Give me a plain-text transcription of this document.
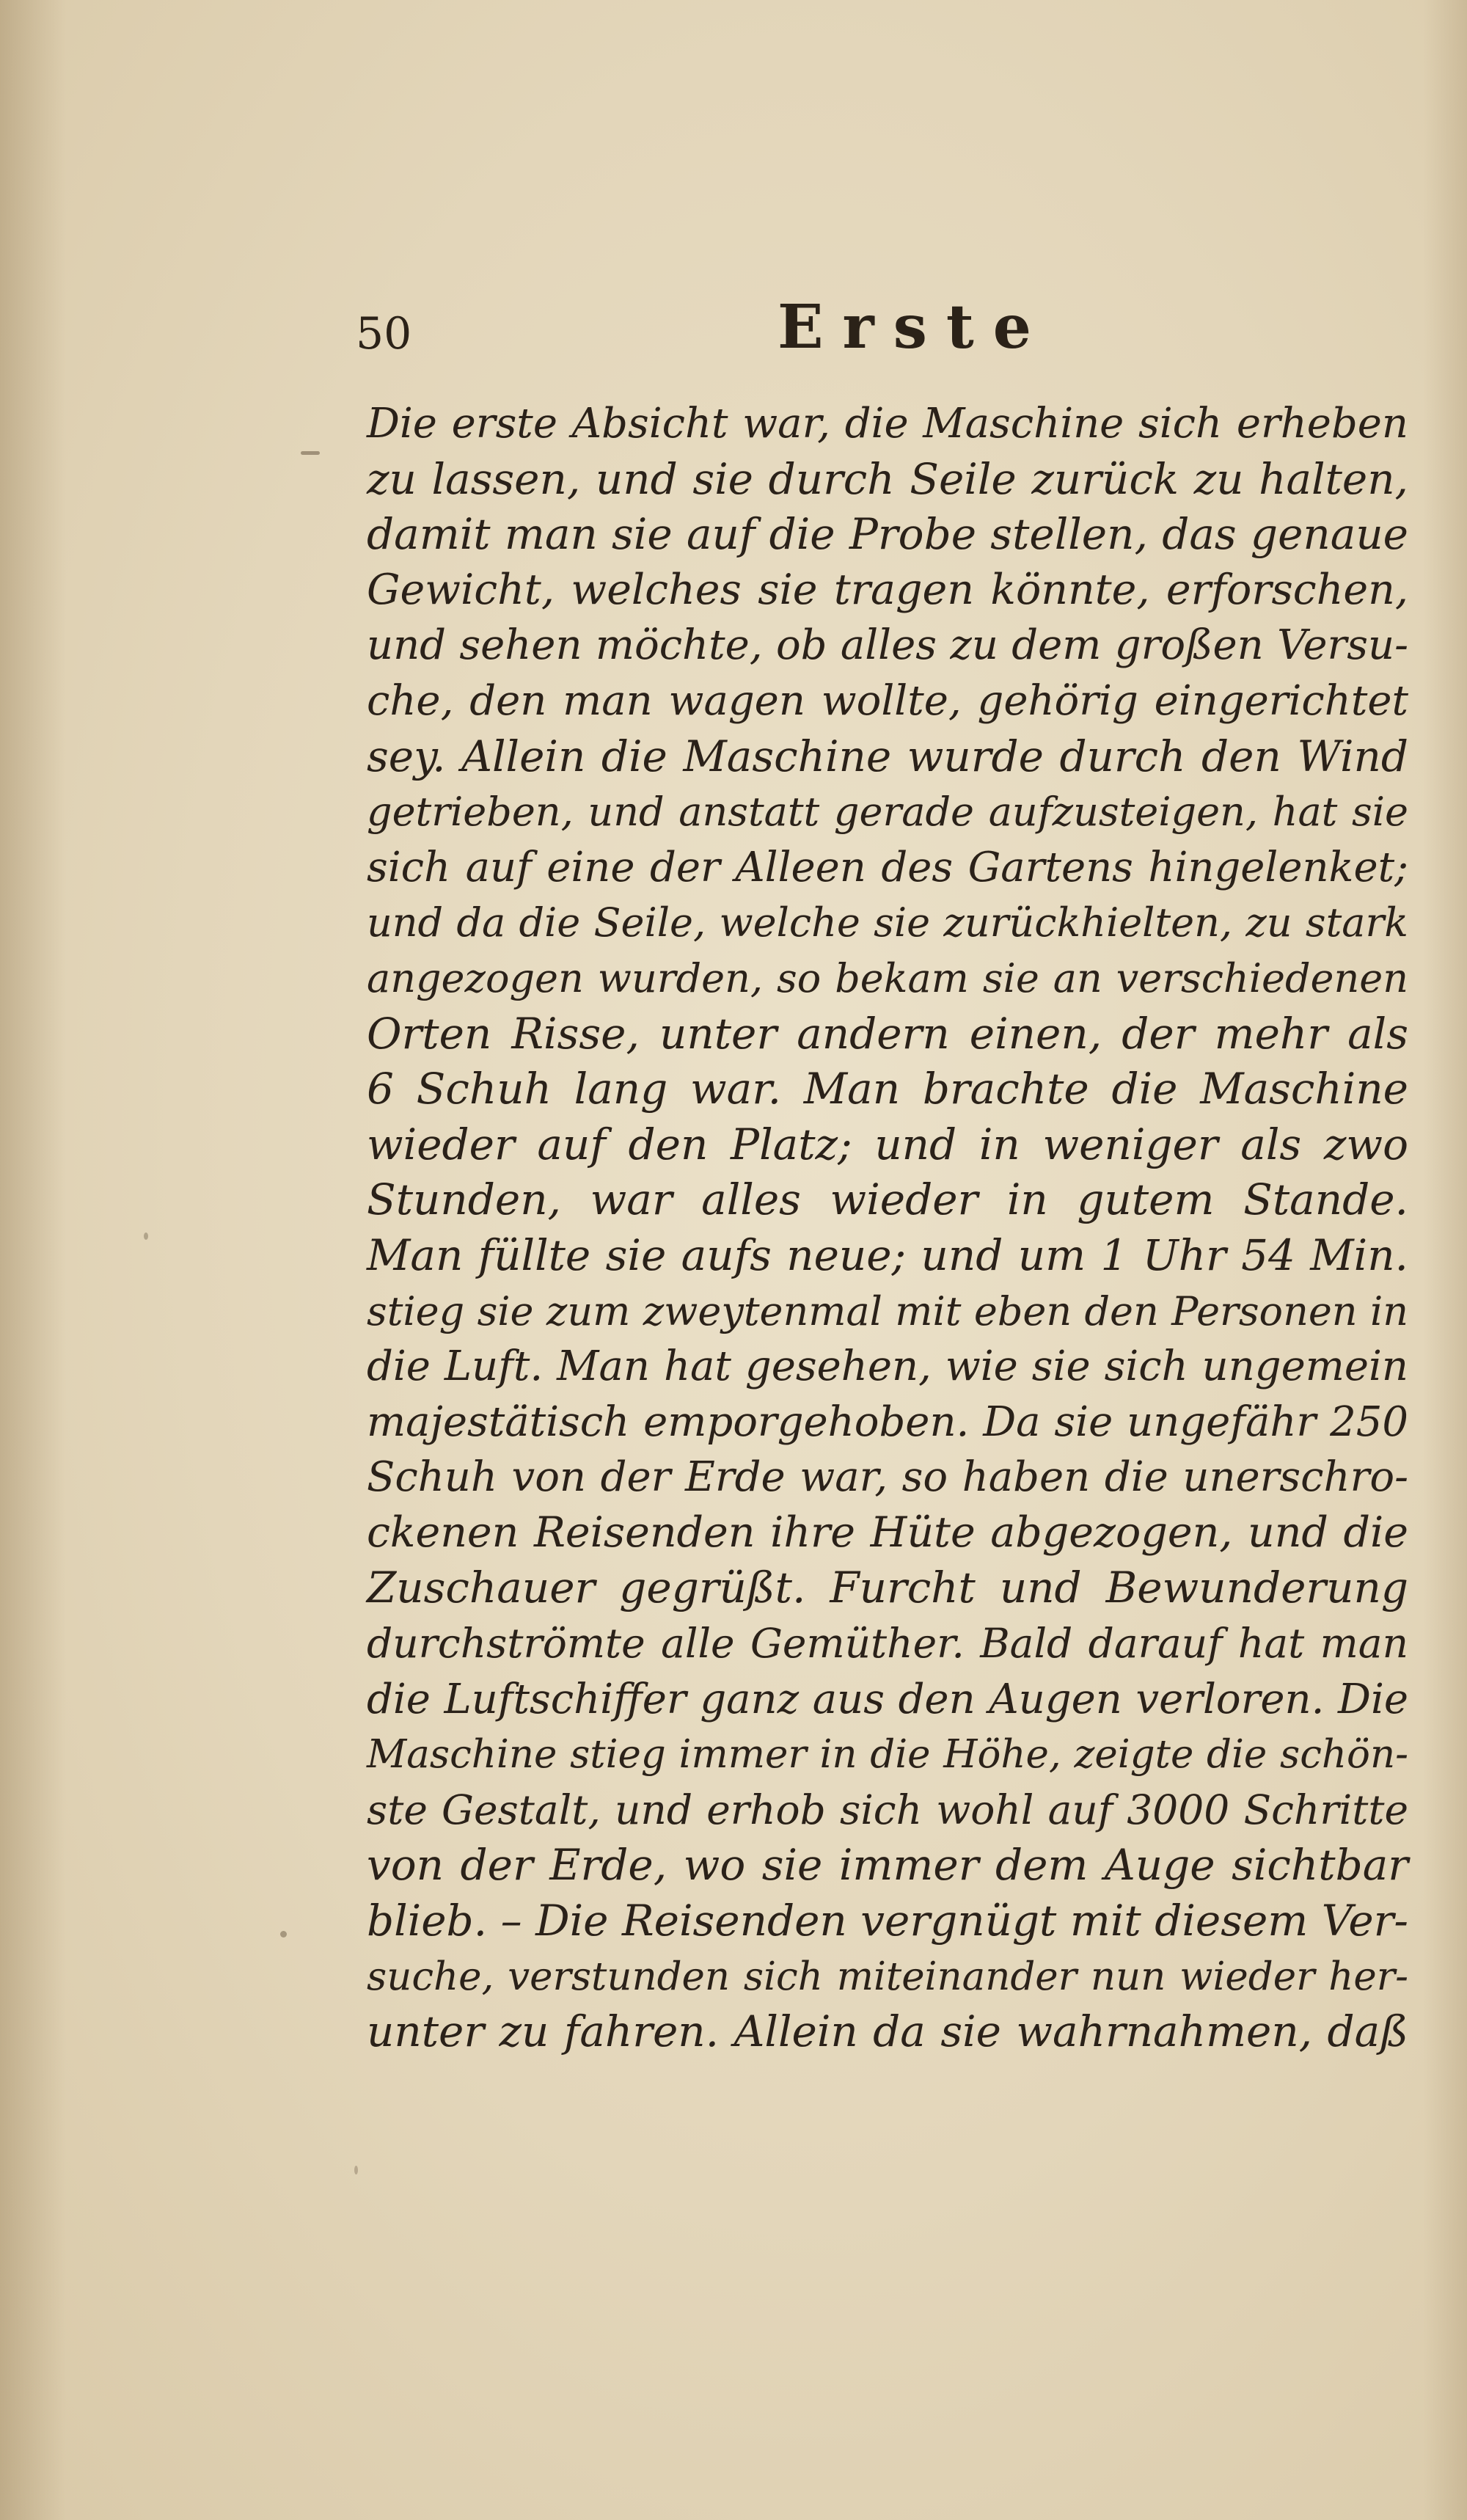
50	Erste
Die erste Absicht war, die Maschine sich erheben
zu lassen, und sie durch Seile zurück zu halten,
damit man sie auf die Probe stellen, das genaue
Gewicht, welches sie tragen könnte, erforschen,
und sehen möchte, ob alles zu dem großen Versu-
che, den man wagen wollte, gehörig eingerichtet
sey. Allein die Maschine wurde durch den Wind
getrieben, und anstatt gerade aufzusteigen, hat sie
sich auf eine der Alleen des Gartens hingelenket;
und da die Seile, welche sie zurückhielten, zu stark
angezogen wurden, so bekam sie an verschiedenen
Orten Risse, unter andern einen, der mehr als
6 Schuh lang war. Man brachte die Maschine
wieder auf den Platz; und in weniger als zwo
Stunden, war alles wieder in gutem Stande.
Man füllte sie aufs neue; und um 1 Uhr 54 Min.
stieg sie zum zweytenmal mit eben den Personen in
die Luft. Man hat gesehen, wie sie sich ungemein
majestätisch emporgehoben. Da sie ungefähr 250
Schuh von der Erde war, so haben die unerschro-
ckenen Reisenden ihre Hüte abgezogen, und die
Zuschauer gegrüßt. Furcht und Bewunderung
durchströmte alle Gemüther. Bald darauf hat man
die Luftschiffer ganz aus den Augen verloren. Die
Maschine stieg immer in die Höhe, zeigte die schön-
ste Gestalt, und erhob sich wohl auf 3000 Schritte
von der Erde, wo sie immer dem Auge sichtbar
blieb. – Die Reisenden vergnügt mit diesem Ver-
suche, verstunden sich miteinander nun wieder her-
unter zu fahren. Allein da sie wahrnahmen, daß
